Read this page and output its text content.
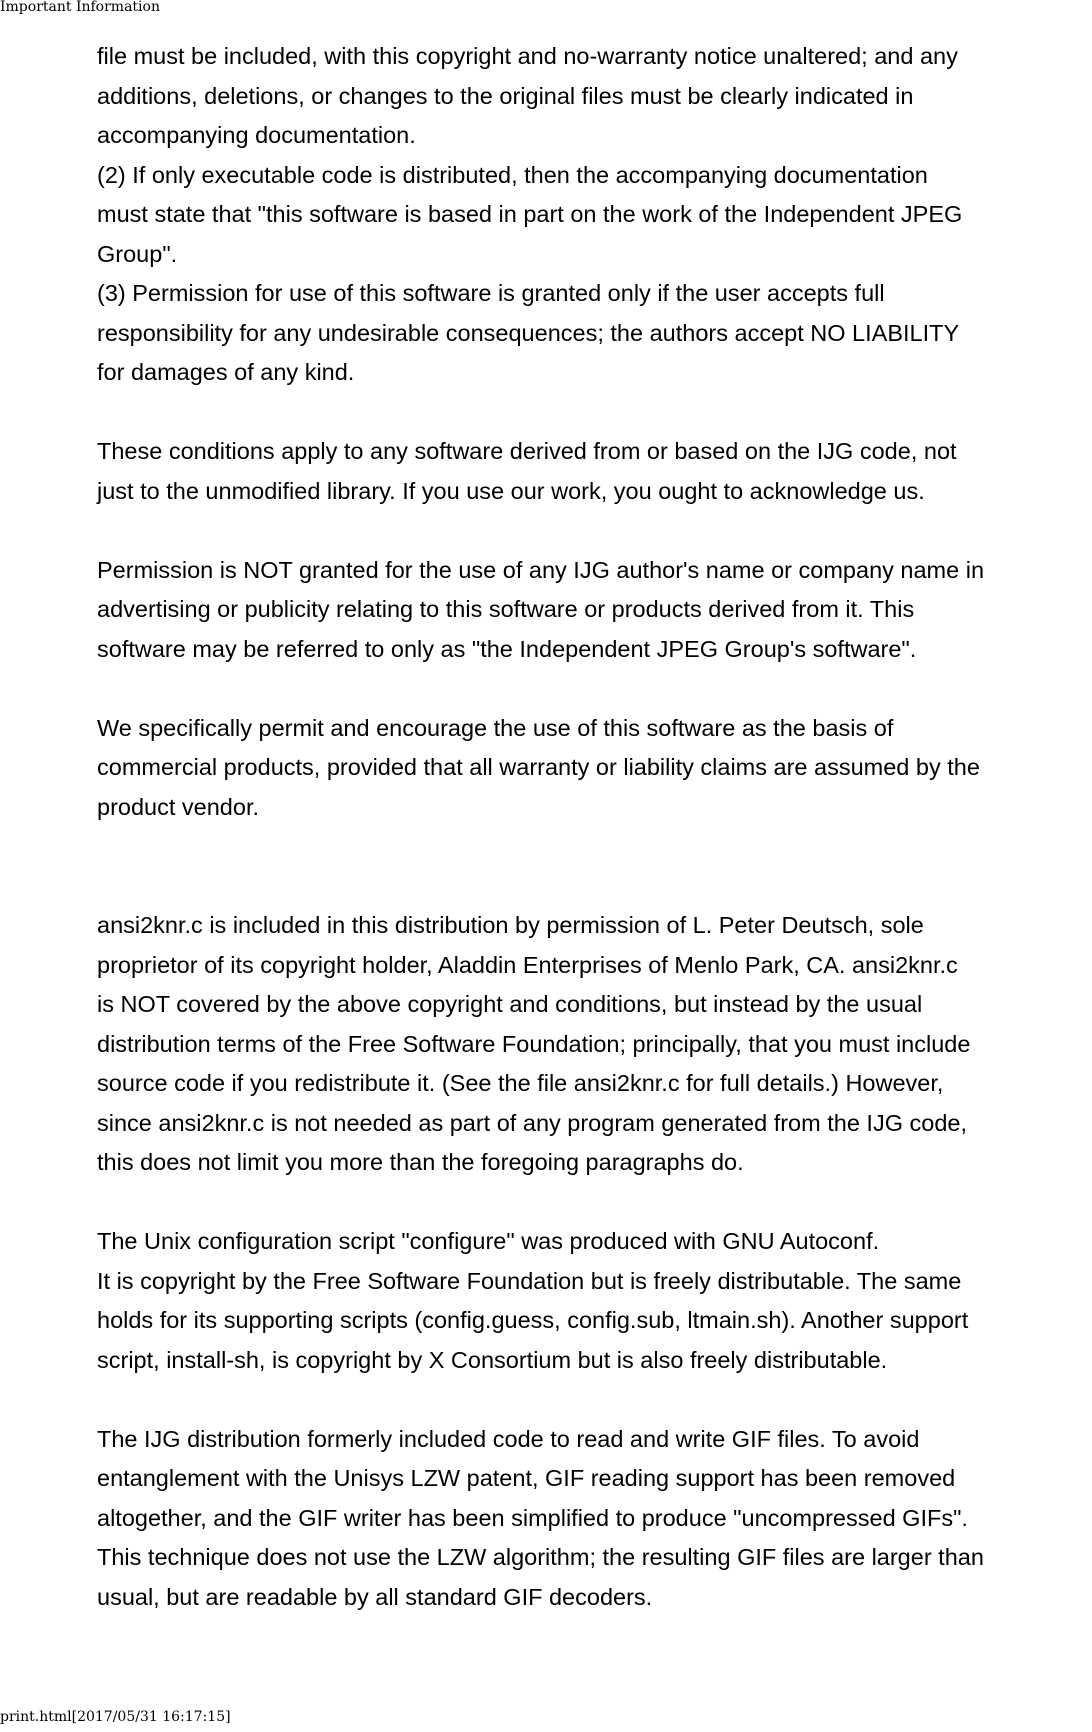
Important Information
file must be included, with this copyright and no-warranty notice unaltered; and any
additions, deletions, or changes to the original files must be clearly indicated in
accompanying documentation.
(2) If only executable code is distributed, then the accompanying documentation
must state that "this software is based in part on the work of the Independent JPEG
Group".
(3) Permission for use of this software is granted only if the user accepts full
responsibility for any undesirable consequences; the authors accept NO LIABILITY
for damages of any kind.
These conditions apply to any software derived from or based on the IJG code, not
just to the unmodified library. If you use our work, you ought to acknowledge us.
Permission is NOT granted for the use of any IJG author's name or company name in
advertising or publicity relating to this software or products derived from it. This
software may be referred to only as "the Independent JPEG Group's software".
We specifically permit and encourage the use of this software as the basis of
commercial products, provided that all warranty or liability claims are assumed by the
product vendor.
ansi2knr.c is included in this distribution by permission of L. Peter Deutsch, sole
proprietor of its copyright holder, Aladdin Enterprises of Menlo Park, CA. ansi2knr.c
is NOT covered by the above copyright and conditions, but instead by the usual
distribution terms of the Free Software Foundation; principally, that you must include
source code if you redistribute it. (See the file ansi2knr.c for full details.) However,
since ansi2knr.c is not needed as part of any program generated from the IJG code,
this does not limit you more than the foregoing paragraphs do.
The Unix configuration script "configure" was produced with GNU Autoconf.
It is copyright by the Free Software Foundation but is freely distributable. The same
holds for its supporting scripts (config.guess, config.sub, ltmain.sh). Another support
script, install-sh, is copyright by X Consortium but is also freely distributable.
The IJG distribution formerly included code to read and write GIF files. To avoid
entanglement with the Unisys LZW patent, GIF reading support has been removed
altogether, and the GIF writer has been simplified to produce "uncompressed GIFs".
This technique does not use the LZW algorithm; the resulting GIF files are larger than
usual, but are readable by all standard GIF decoders.
print.html[2017/05/31 16:17:15]
